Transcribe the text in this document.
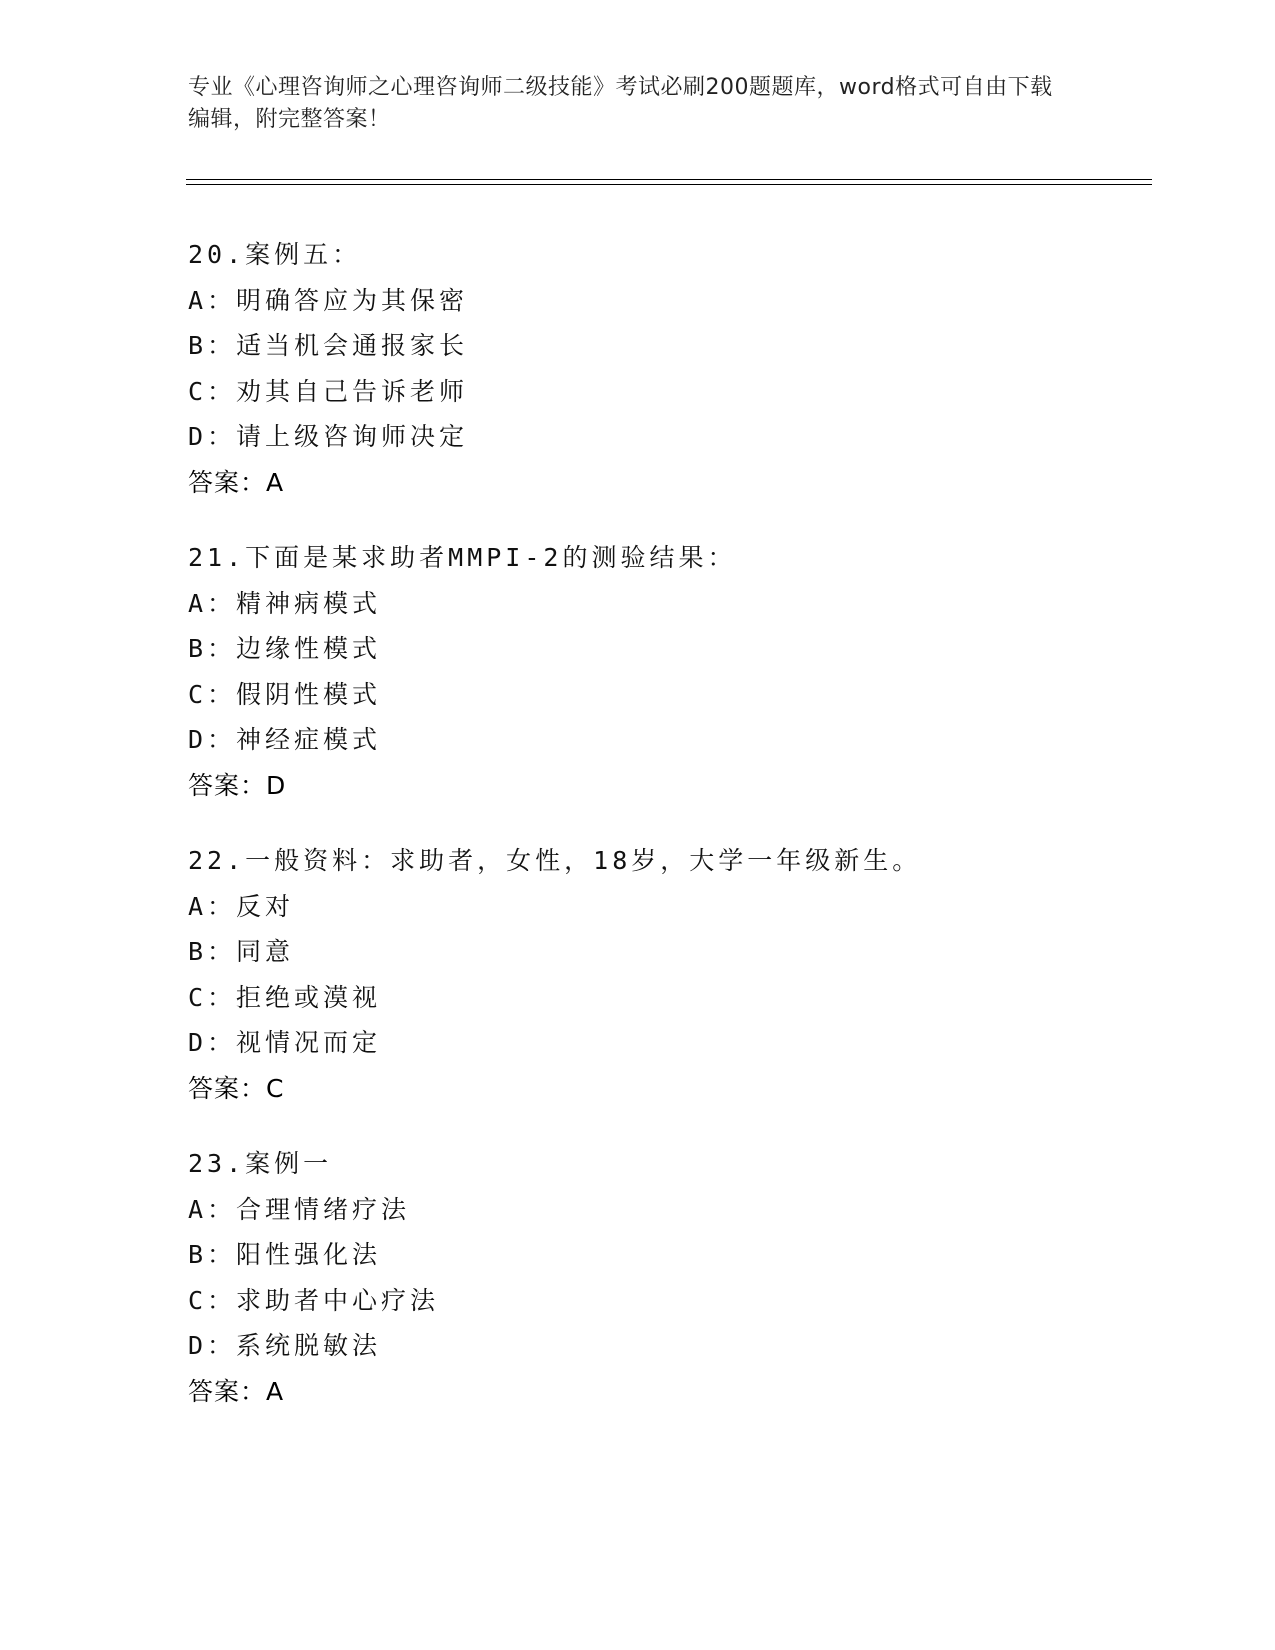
专业《心理咨询师之心理咨询师二级技能》考试必刷200题题库，word格式可自由下载编辑，附完整答案！
20.案例五：
A：明确答应为其保密
B：适当机会通报家长
C：劝其自己告诉老师
D：请上级咨询师决定
答案：A
21.下面是某求助者MMPI-2的测验结果：
A：精神病模式
B：边缘性模式
C：假阴性模式
D：神经症模式
答案：D
22.一般资料：求助者，女性，18岁，大学一年级新生。
A：反对
B：同意
C：拒绝或漠视
D：视情况而定
答案：C
23.案例一
A：合理情绪疗法
B：阳性强化法
C：求助者中心疗法
D：系统脱敏法
答案：A
